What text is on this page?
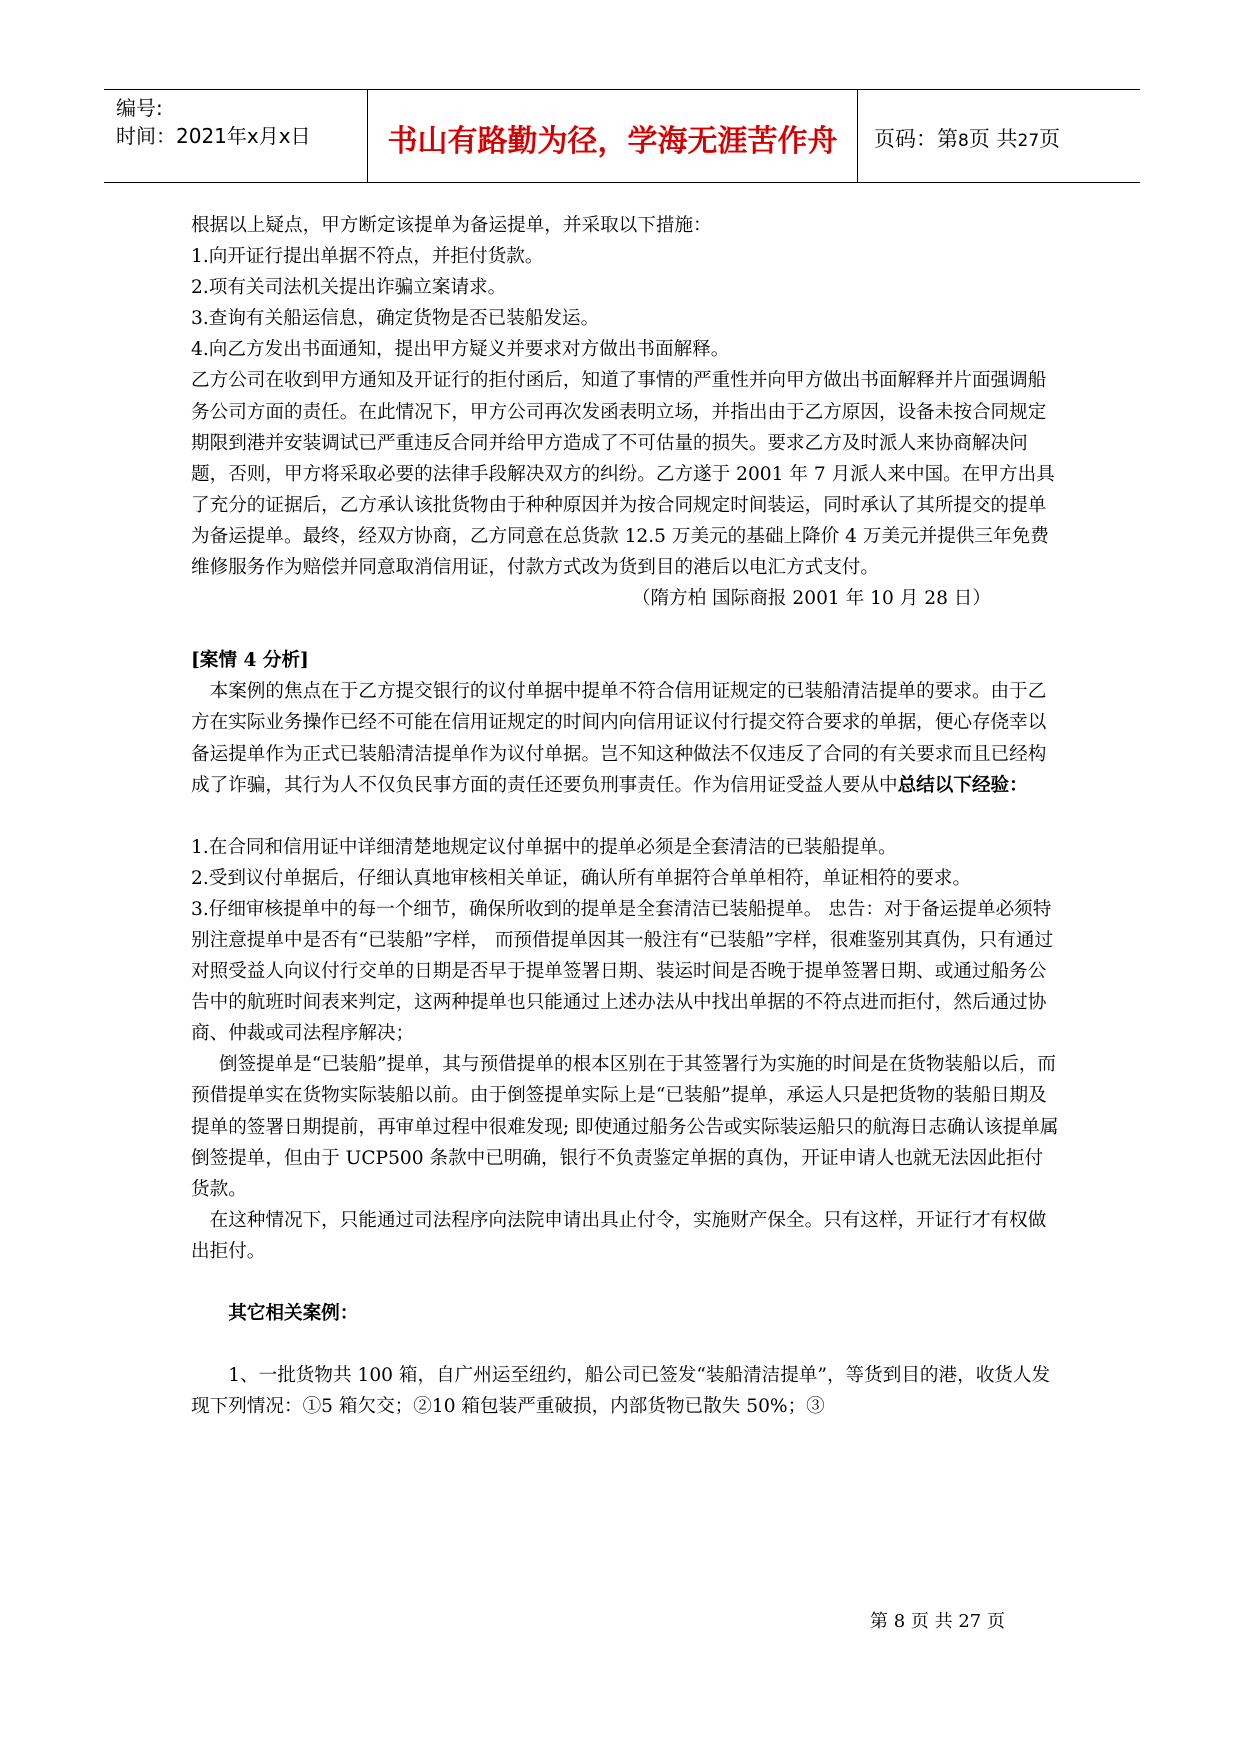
编号:
时间：2021年x月x日	书山有路勤为径，学海无涯苦作舟	页码：第8页 共27页

根据以上疑点，甲方断定该提单为备运提单，并采取以下措施：

1.向开证行提出单据不符点，并拒付货款。

2.项有关司法机关提出诈骗立案请求。

3.查询有关船运信息，确定货物是否已装船发运。

4.向乙方发出书面通知，提出甲方疑义并要求对方做出书面解释。

乙方公司在收到甲方通知及开证行的拒付函后，知道了事情的严重性并向甲方做出书面解释并片面强调船务公司方面的责任。在此情况下，甲方公司再次发函表明立场，并指出由于乙方原因，设备未按合同规定期限到港并安装调试已严重违反合同并给甲方造成了不可估量的损失。要求乙方及时派人来协商解决问题，否则，甲方将采取必要的法律手段解决双方的纠纷。乙方遂于 2001 年 7 月派人来中国。在甲方出具了充分的证据后，乙方承认该批货物由于种种原因并为按合同规定时间装运，同时承认了其所提交的提单为备运提单。最终，经双方协商，乙方同意在总货款 12.5 万美元的基础上降价 4 万美元并提供三年免费维修服务作为赔偿并同意取消信用证，付款方式改为货到目的港后以电汇方式支付。

（隋方柏 国际商报 2001 年 10 月 28 日）

[案情 4 分析]

本案例的焦点在于乙方提交银行的议付单据中提单不符合信用证规定的已装船清洁提单的要求。由于乙方在实际业务操作已经不可能在信用证规定的时间内向信用证议付行提交符合要求的单据，便心存侥幸以备运提单作为正式已装船清洁提单作为议付单据。岂不知这种做法不仅违反了合同的有关要求而且已经构成了诈骗，其行为人不仅负民事方面的责任还要负刑事责任。作为信用证受益人要从中总结以下经验：

1.在合同和信用证中详细清楚地规定议付单据中的提单必须是全套清洁的已装船提单。

2.受到议付单据后，仔细认真地审核相关单证，确认所有单据符合单单相符，单证相符的要求。

3.仔细审核提单中的每一个细节，确保所收到的提单是全套清洁已装船提单。 忠告：对于备运提单必须特别注意提单中是否有“已装船”字样， 而预借提单因其一般注有“已装船”字样，很难鉴别其真伪，只有通过对照受益人向议付行交单的日期是否早于提单签署日期、装运时间是否晚于提单签署日期、或通过船务公告中的航班时间表来判定，这两种提单也只能通过上述办法从中找出单据的不符点进而拒付，然后通过协商、仲裁或司法程序解决；

倒签提单是“已装船”提单，其与预借提单的根本区别在于其签署行为实施的时间是在货物装船以后，而预借提单实在货物实际装船以前。由于倒签提单实际上是“已装船”提单，承运人只是把货物的装船日期及提单的签署日期提前，再审单过程中很难发现; 即使通过船务公告或实际装运船只的航海日志确认该提单属倒签提单，但由于 UCP500 条款中已明确，银行不负责鉴定单据的真伪，开证申请人也就无法因此拒付货款。

在这种情况下，只能通过司法程序向法院申请出具止付令，实施财产保全。只有这样，开证行才有权做出拒付。

其它相关案例：

1、一批货物共 100 箱，自广州运至纽约，船公司已签发“装船清洁提单”，等货到目的港，收货人发现下列情况：①5 箱欠交；②10 箱包装严重破损，内部货物已散失 50%；③

第 8 页 共 27 页
